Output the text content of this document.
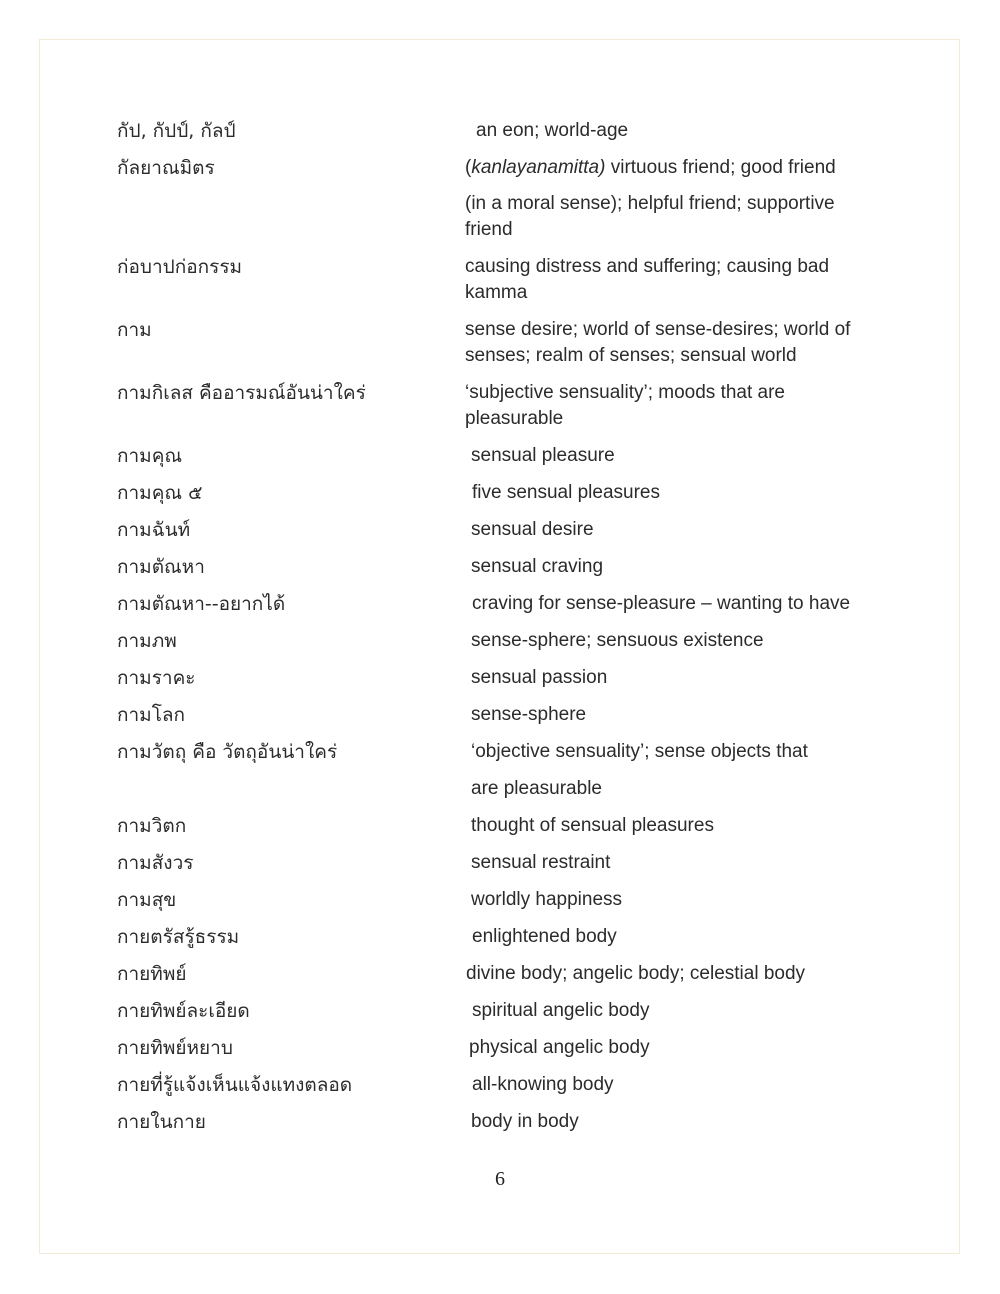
กัป, กัปป์, กัลป์	an eon; world-age
กัลยาณมิตร	(kanlayanamitta) virtuous friend; good friend
(in a moral sense); helpful friend; supportive friend
ก่อบาปก่อกรรม	causing distress and suffering; causing bad kamma
กาม	sense desire; world of sense-desires; world of senses; realm of senses; sensual world
กามกิเลส คืออารมณ์อันน่าใคร่	‘subjective sensuality’; moods that are pleasurable
กามคุณ	sensual pleasure
กามคุณ ๕	five sensual pleasures
กามฉันท์	sensual desire
กามตัณหา	sensual craving
กามตัณหา--อยากได้	craving for sense-pleasure – wanting to have
กามภพ	sense-sphere; sensuous existence
กามราคะ	sensual passion
กามโลก	sense-sphere
กามวัตถุ คือ วัตถุอันน่าใคร่	‘objective sensuality’; sense objects that
are pleasurable
กามวิตก	thought of sensual pleasures
กามสังวร	sensual restraint
กามสุข	worldly happiness
กายตรัสรู้ธรรม	enlightened body
กายทิพย์	divine body; angelic body; celestial body
กายทิพย์ละเอียด	spiritual angelic body
กายทิพย์หยาบ	physical angelic body
กายที่รู้แจ้งเห็นแจ้งแทงตลอด	all-knowing body
กายในกาย	body in body
6
